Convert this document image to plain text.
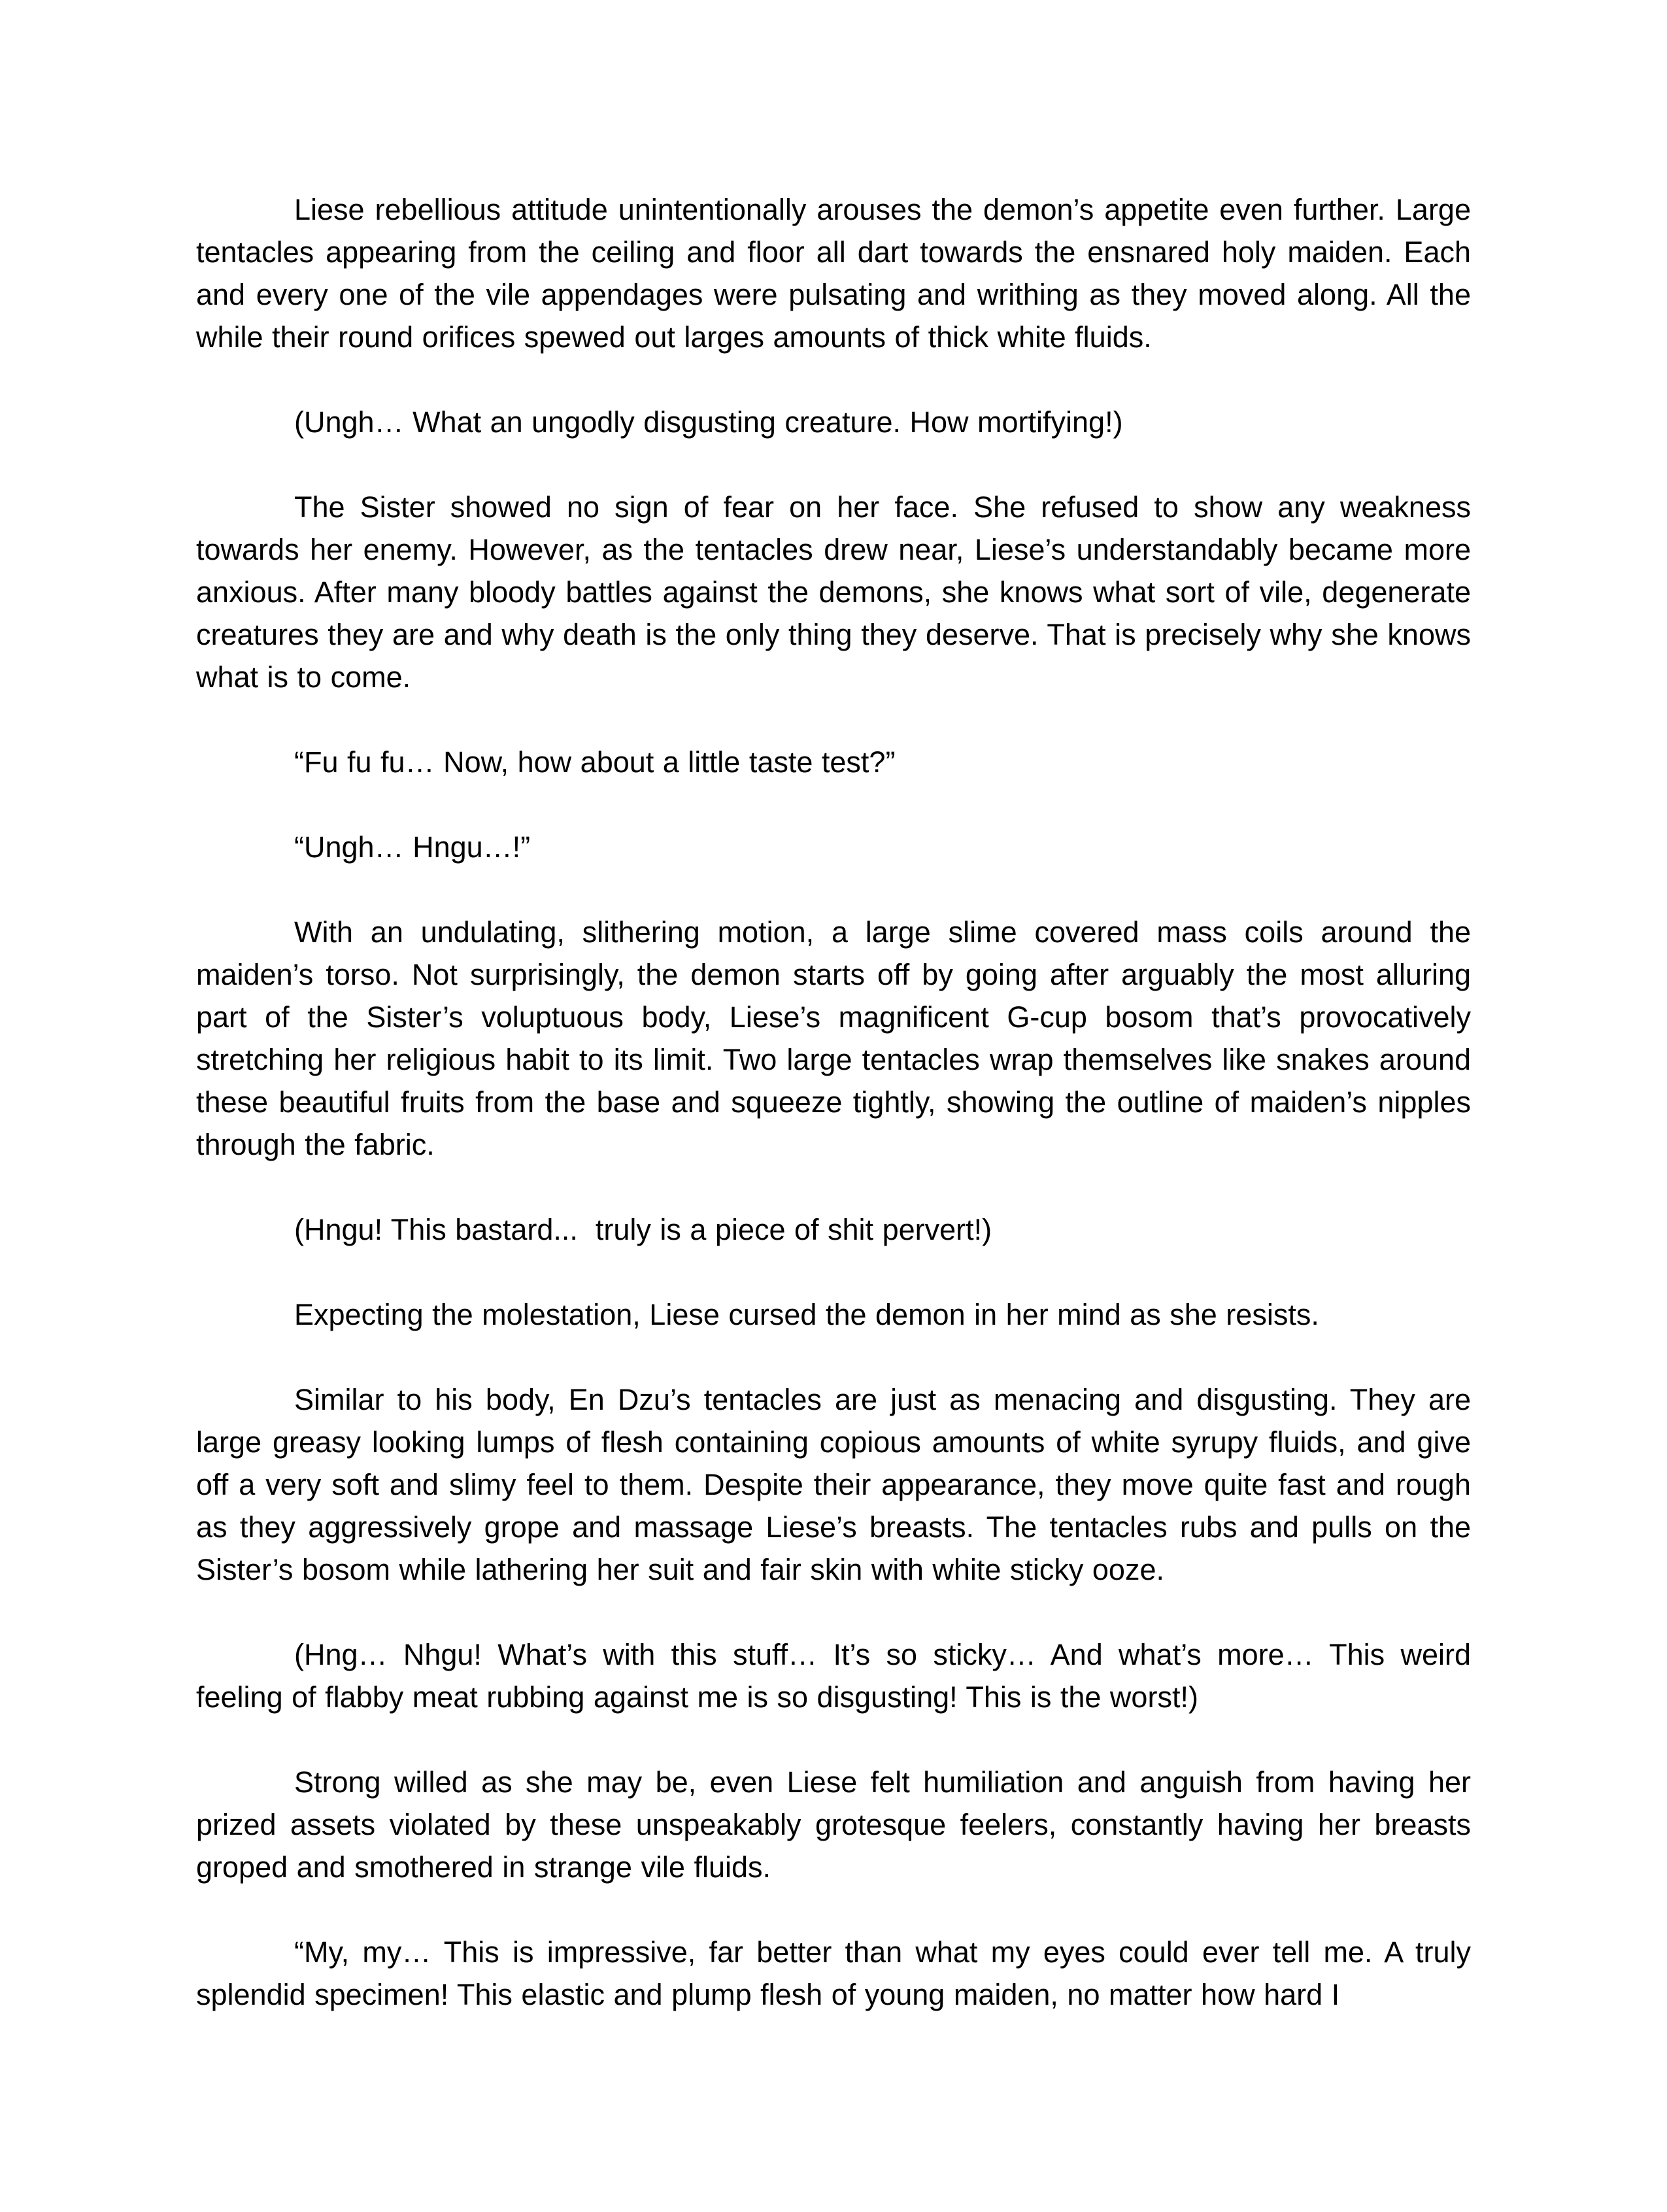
Liese rebellious attitude unintentionally arouses the demon’s appetite even further. Large tentacles appearing from the ceiling and floor all dart towards the ensnared holy maiden. Each and every one of the vile appendages were pulsating and writhing as they moved along. All the while their round orifices spewed out larges amounts of thick white fluids.

(Ungh… What an ungodly disgusting creature. How mortifying!)

The Sister showed no sign of fear on her face. She refused to show any weakness towards her enemy. However, as the tentacles drew near, Liese’s understandably became more anxious. After many bloody battles against the demons, she knows what sort of vile, degenerate creatures they are and why death is the only thing they deserve. That is precisely why she knows what is to come.

“Fu fu fu… Now, how about a little taste test?”

“Ungh… Hngu…!”

With an undulating, slithering motion, a large slime covered mass coils around the maiden’s torso. Not surprisingly, the demon starts off by going after arguably the most alluring part of the Sister’s voluptuous body, Liese’s magnificent G-cup bosom that’s provocatively stretching her religious habit to its limit. Two large tentacles wrap themselves like snakes around these beautiful fruits from the base and squeeze tightly, showing the outline of maiden’s nipples through the fabric.

(Hngu! This bastard...  truly is a piece of shit pervert!)

Expecting the molestation, Liese cursed the demon in her mind as she resists.

Similar to his body, En Dzu’s tentacles are just as menacing and disgusting. They are large greasy looking lumps of flesh containing copious amounts of white syrupy fluids, and give off a very soft and slimy feel to them. Despite their appearance, they move quite fast and rough as they aggressively grope and massage Liese’s breasts. The tentacles rubs and pulls on the Sister’s bosom while lathering her suit and fair skin with white sticky ooze.

(Hng… Nhgu! What’s with this stuff… It’s so sticky… And what’s more… This weird feeling of flabby meat rubbing against me is so disgusting! This is the worst!)

Strong willed as she may be, even Liese felt humiliation and anguish from having her prized assets violated by these unspeakably grotesque feelers, constantly having her breasts groped and smothered in strange vile fluids.

“My, my… This is impressive, far better than what my eyes could ever tell me. A truly splendid specimen! This elastic and plump flesh of young maiden, no matter how hard I
